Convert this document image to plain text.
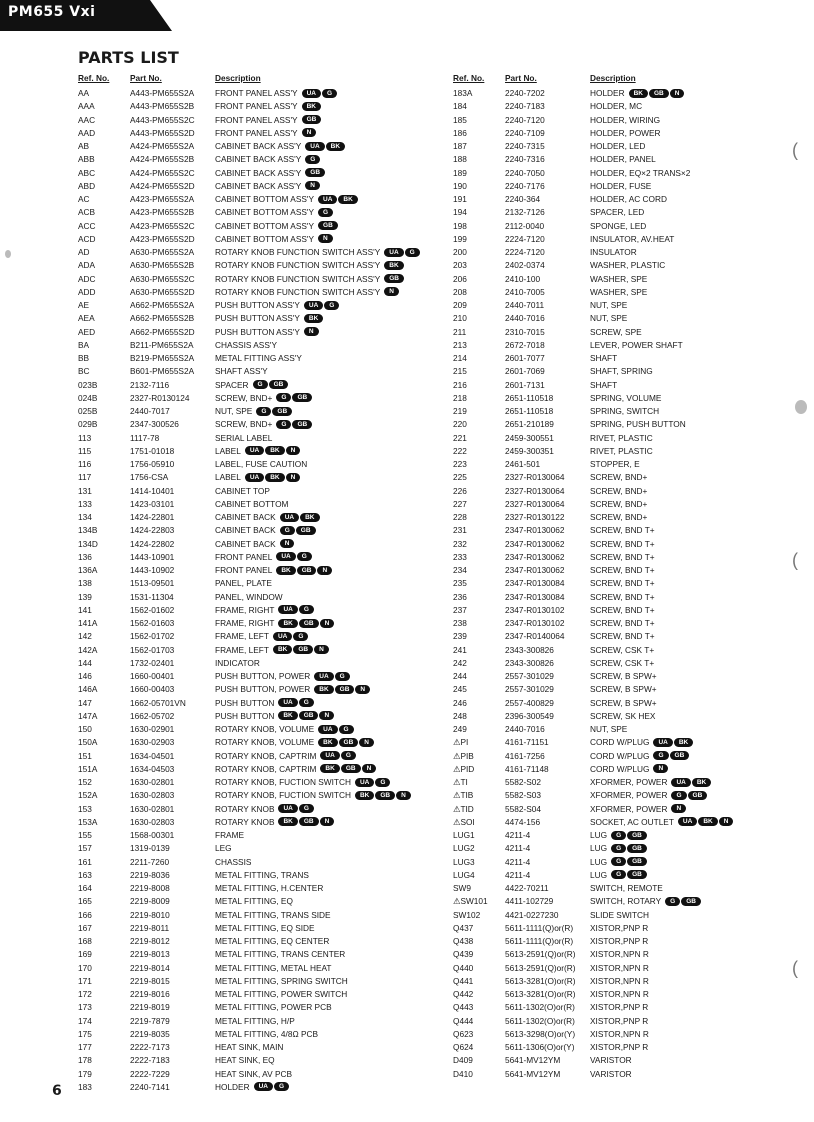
PM655 Vxi
PARTS LIST
Ref. No. Part No.	Description
AA	A443-PM655S2A	FRONT PANEL ASS'Y UA G
AAA	A443-PM655S2B	FRONT PANEL ASS'Y BK
AAC	A443-PM655S2C FRONT PANEL ASS'Y GB
AAD	A443-PM655S2D FRONT PANEL ASS'Y N
AB	A424-PM655S2A	CABINET BACK ASS'Y UA BK
ABB	A424-PM655S2B	CABINET BACK ASS'Y G
ABC	A424-PM655S2C CABINET BACK ASS'Y GB
ABD	A424-PM655S2D CABINET BACK ASS'Y N
AC	A423-PM655S2A	CABINET BOTTOM ASS'Y UA BK
ACB	A423-PM655S2B	CABINET BOTTOM ASS'Y G
ACC	A423-PM655S2C CABINET BOTTOM ASS'Y GB
ACD	A423-PM655S2D CABINET BOTTOM ASS'Y N
AD	A630-PM655S2A	ROTARY KNOB FUNCTION SWITCH ASS'Y UA G
ADA	A630-PM655S2B	ROTARY KNOB FUNCTION SWITCH ASS'Y BK
ADC	A630-PM655S2C ROTARY KNOB FUNCTION SWITCH ASS'Y GB
ADD	A630-PM655S2D ROTARY KNOB FUNCTION SWITCH ASS'Y N
AE	A662-PM655S2A	PUSH BUTTON ASS'Y UA G
AEA	A662-PM655S2B	PUSH BUTTON ASS'Y BK
AED	A662-PM655S2D PUSH BUTTON ASS'Y N
BA	B211-PM655S2A	CHASSIS ASS'Y
BB	B219-PM655S2A	METAL FITTING ASS'Y
BC	B601-PM655S2A	SHAFT ASS'Y
023B	2132-7116	SPACER G GB
024B	2327-R0130124	SCREW, BND+ G GB
025B	2440-7017	NUT, SPE G GB
029B	2347-300526	SCREW, BND+ G GB
113	1117-78	SERIAL LABEL
115	1751-01018	LABEL UA BK N
116	1756-05910	LABEL, FUSE CAUTION
117	1756-CSA	LABEL UA BK N
131	1414-10401	CABINET TOP
133	1423-03101	CABINET BOTTOM
134	1424-22801	CABINET BACK UA BK
134B	1424-22803	CABINET BACK G GB
134D	1424-22802	CABINET BACK N
136	1443-10901	FRONT PANEL UA G
136A	1443-10902	FRONT PANEL BK GB N
138	1513-09501	PANEL, PLATE
139	1531-11304	PANEL, WINDOW
141	1562-01602	FRAME, RIGHT UA G
141A	1562-01603	FRAME, RIGHT BK GB N
142	1562-01702	FRAME, LEFT UA G
142A	1562-01703	FRAME, LEFT BK GB N
144	1732-02401	INDICATOR
146	1660-00401	PUSH BUTTON, POWER UA G
146A	1660-00403	PUSH BUTTON, POWER BK GB N
147	1662-05701VN	PUSH BUTTON UA G
147A	1662-05702	PUSH BUTTON BK GB N
150	1630-02901	ROTARY KNOB, VOLUME UA G
150A	1630-02903	ROTARY KNOB, VOLUME BK GB N
151	1634-04501	ROTARY KNOB, CAPTRIM UA G
151A	1634-04503	ROTARY KNOB, CAPTRIM BK GB N
152	1630-02801	ROTARY KNOB, FUCTION SWITCH UA G
152A	1630-02803	ROTARY KNOB, FUCTION SWITCH BK GB N
153	1630-02801	ROTARY KNOB UA G
153A	1630-02803	ROTARY KNOB BK GB N
155	1568-00301	FRAME
157	1319-0139	LEG
161	2211-7260	CHASSIS
163	2219-8036	METAL FITTING, TRANS
164	2219-8008	METAL FITTING, H.CENTER
165	2219-8009	METAL FITTING, EQ
166	2219-8010	METAL FITTING, TRANS SIDE
167	2219-8011	METAL FITTING, EQ SIDE
168	2219-8012	METAL FITTING, EQ CENTER
169	2219-8013	METAL FITTING, TRANS CENTER
170	2219-8014	METAL FITTING, METAL HEAT
171	2219-8015	METAL FITTING, SPRING SWITCH
172	2219-8016	METAL FITTING, POWER SWITCH
173	2219-8019	METAL FITTING, POWER PCB
174	2219-7879	METAL FITTING, H/P
175	2219-8035	METAL FITTING, 4/8Ω PCB
177	2222-7173	HEAT SINK, MAIN
178	2222-7183	HEAT SINK, EQ
179	2222-7229	HEAT SINK, AV PCB
183	2240-7141	HOLDER UA G
Ref. No. Part No.	Description
183A	2240-7202	HOLDER BK GB N
184	2240-7183	HOLDER, MC
185	2240-7120	HOLDER, WIRING
186	2240-7109	HOLDER, POWER
187	2240-7315	HOLDER, LED
188	2240-7316	HOLDER, PANEL
189	2240-7050	HOLDER, EQ×2 TRANS×2
190	2240-7176	HOLDER, FUSE
191	2240-364	HOLDER, AC CORD
194	2132-7126	SPACER, LED
198	2112-0040	SPONGE, LED
199	2224-7120	INSULATOR, AV.HEAT
200	2224-7120	INSULATOR
203	2402-0374	WASHER, PLASTIC
206	2410-100	WASHER, SPE
208	2410-7005	WASHER, SPE
209	2440-7011	NUT, SPE
210	2440-7016	NUT, SPE
211	2310-7015	SCREW, SPE
213	2672-7018	LEVER, POWER SHAFT
214	2601-7077	SHAFT
215	2601-7069	SHAFT, SPRING
216	2601-7131	SHAFT
218	2651-110518	SPRING, VOLUME
219	2651-110518	SPRING, SWITCH
220	2651-210189	SPRING, PUSH BUTTON
221	2459-300551	RIVET, PLASTIC
222	2459-300351	RIVET, PLASTIC
223	2461-501	STOPPER, E
225	2327-R0130064	SCREW, BND+
226	2327-R0130064	SCREW, BND+
227	2327-R0130064	SCREW, BND+
228	2327-R0130122	SCREW, BND+
231	2347-R0130062	SCREW, BND T+
232	2347-R0130062	SCREW, BND T+
233	2347-R0130062	SCREW, BND T+
234	2347-R0130062	SCREW, BND T+
235	2347-R0130084	SCREW, BND T+
236	2347-R0130084	SCREW, BND T+
237	2347-R0130102	SCREW, BND T+
238	2347-R0130102	SCREW, BND T+
239	2347-R0140064	SCREW, BND T+
241	2343-300826	SCREW, CSK T+
242	2343-300826	SCREW, CSK T+
244	2557-301029	SCREW, B SPW+
245	2557-301029	SCREW, B SPW+
246	2557-400829	SCREW, B SPW+
248	2396-300549	SCREW, SK HEX
249	2440-7016	NUT, SPE
⚠PI	4161-71151	CORD W/PLUG UA BK
⚠PIB	4161-7256	CORD W/PLUG G GB
⚠PID	4161-71148	CORD W/PLUG N
⚠TI	5582-S02	XFORMER, POWER UA BK
⚠TIB	5582-S03	XFORMER, POWER G GB
⚠TID	5582-S04	XFORMER, POWER N
⚠SOI	4474-156	SOCKET, AC OUTLET UA BK N
LUG1	4211-4	LUG G GB
LUG2	4211-4	LUG G GB
LUG3	4211-4	LUG G GB
LUG4	4211-4	LUG G GB
SW9	4422-70211	SWITCH, REMOTE
⚠SW101 4411-102729	SWITCH, ROTARY G GB
SW102	4421-0227230	SLIDE SWITCH
Q437	5611-1111(Q)or(R) XISTOR,PNP R
Q438	5611-1111(Q)or(R) XISTOR,PNP R
Q439	5613-2591(Q)or(R) XISTOR,NPN R
Q440	5613-2591(Q)or(R) XISTOR,NPN R
Q441	5613-3281(O)or(R) XISTOR,NPN R
Q442	5613-3281(O)or(R) XISTOR,NPN R
Q443	5611-1302(O)or(R) XISTOR,PNP R
Q444	5611-1302(O)or(R) XISTOR,PNP R
Q623	5613-3298(O)or(Y) XISTOR,NPN R
Q624	5611-1306(O)or(Y) XISTOR,PNP R
D409	5641-MV12YM	VARISTOR
D410	5641-MV12YM	VARISTOR
6
(
(
(
